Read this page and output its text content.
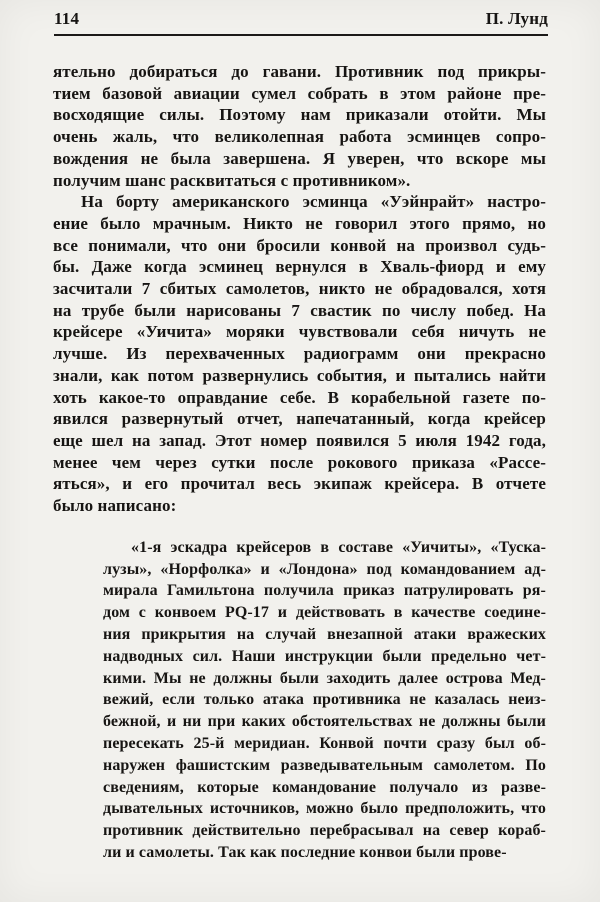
114	П. Лунд
ятельно добираться до гавани. Противник под прикры-
тием базовой авиации сумел собрать в этом районе пре-
восходящие силы. Поэтому нам приказали отойти. Мы
очень жаль, что великолепная работа эсминцев сопро-
вождения не была завершена. Я уверен, что вскоре мы
получим шанс расквитаться с противником».
На борту американского эсминца «Уэйнрайт» настро-
ение было мрачным. Никто не говорил этого прямо, но
все понимали, что они бросили конвой на произвол судь-
бы. Даже когда эсминец вернулся в Хваль-фиорд и ему
засчитали 7 сбитых самолетов, никто не обрадовался, хотя
на трубе были нарисованы 7 свастик по числу побед. На
крейсере «Уичита» моряки чувствовали себя ничуть не
лучше. Из перехваченных радиограмм они прекрасно
знали, как потом развернулись события, и пытались найти
хоть какое-то оправдание себе. В корабельной газете по-
явился развернутый отчет, напечатанный, когда крейсер
еще шел на запад. Этот номер появился 5 июля 1942 года,
менее чем через сутки после рокового приказа «Рассе-
яться», и его прочитал весь экипаж крейсера. В отчете
было написано:
«1-я эскадра крейсеров в составе «Уичиты», «Туска-
лузы», «Норфолка» и «Лондона» под командованием ад-
мирала Гамильтона получила приказ патрулировать ря-
дом с конвоем PQ-17 и действовать в качестве соедине-
ния прикрытия на случай внезапной атаки вражеских
надводных сил. Наши инструкции были предельно чет-
кими. Мы не должны были заходить далее острова Мед-
вежий, если только атака противника не казалась неиз-
бежной, и ни при каких обстоятельствах не должны были
пересекать 25-й меридиан. Конвой почти сразу был об-
наружен фашистским разведывательным самолетом. По
сведениям, которые командование получало из разве-
дывательных источников, можно было предположить, что
противник действительно перебрасывал на север кораб-
ли и самолеты. Так как последние конвои были прове-
